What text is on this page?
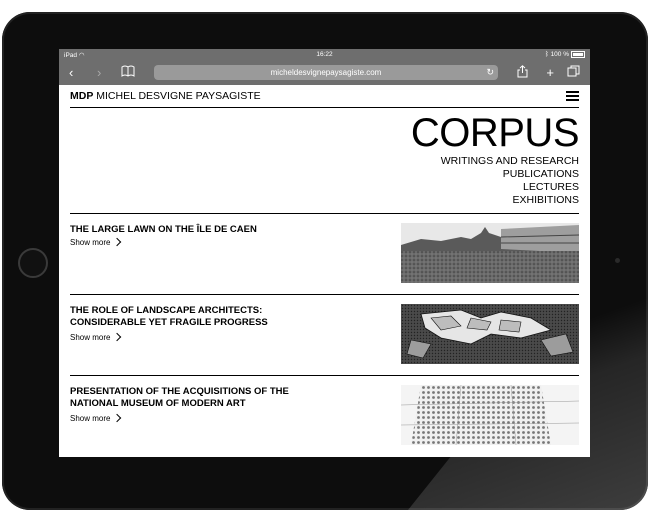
iPad ◠	16:22	ᛒ 100 %
‹ ›	micheldesvignepaysagiste.com	↻	+
MDP MICHEL DESVIGNE PAYSAGISTE
CORPUS
WRITINGS AND RESEARCH
PUBLICATIONS
LECTURES
EXHIBITIONS
THE LARGE LAWN ON THE ÎLE DE CAEN
Show more
THE ROLE OF LANDSCAPE ARCHITECTS: CONSIDERABLE YET FRAGILE PROGRESS
Show more
PRESENTATION OF THE ACQUISITIONS OF THE NATIONAL MUSEUM OF MODERN ART
Show more
